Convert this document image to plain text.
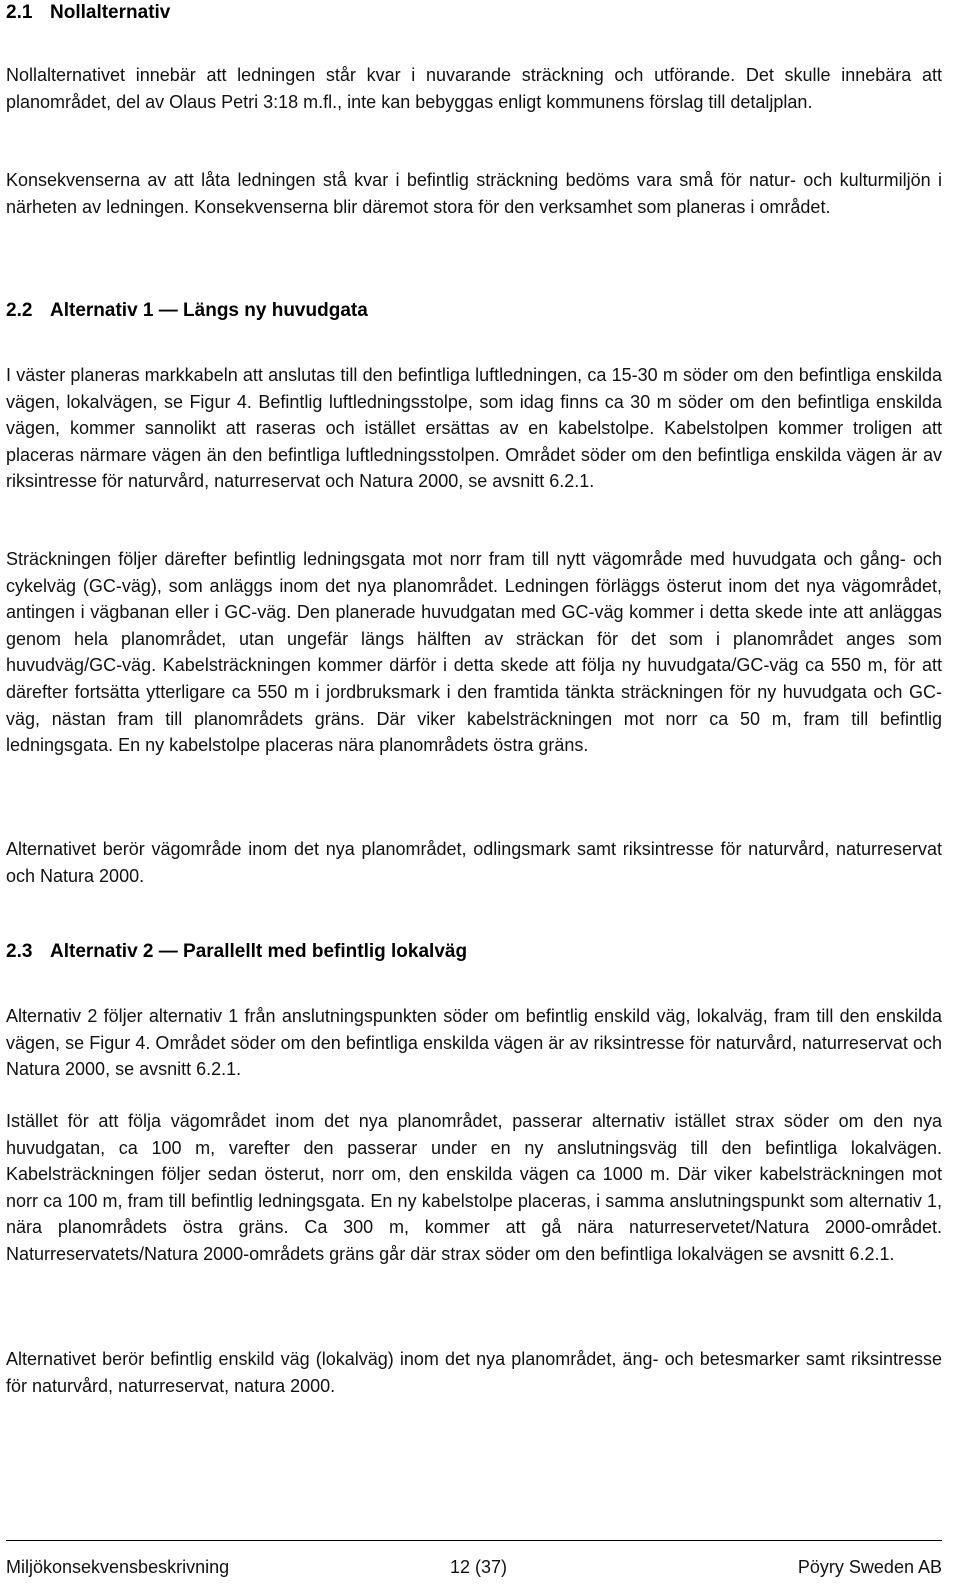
2.1 Nollalternativ

Nollalternativet innebär att ledningen står kvar i nuvarande sträckning och utförande. Det skulle innebära att planområdet, del av Olaus Petri 3:18 m.fl., inte kan bebyggas enligt kommunens förslag till detaljplan.

Konsekvenserna av att låta ledningen stå kvar i befintlig sträckning bedöms vara små för natur- och kulturmiljön i närheten av ledningen. Konsekvenserna blir däremot stora för den verksamhet som planeras i området.

2.2 Alternativ 1 — Längs ny huvudgata

I väster planeras markkabeln att anslutas till den befintliga luftledningen, ca 15-30 m söder om den befintliga enskilda vägen, lokalvägen, se Figur 4. Befintlig luftledningsstolpe, som idag finns ca 30 m söder om den befintliga enskilda vägen, kommer sannolikt att raseras och istället ersättas av en kabelstolpe. Kabelstolpen kommer troligen att placeras närmare vägen än den befintliga luftledningsstolpen. Området söder om den befintliga enskilda vägen är av riksintresse för naturvård, naturreservat och Natura 2000, se avsnitt 6.2.1.

Sträckningen följer därefter befintlig ledningsgata mot norr fram till nytt vägområde med huvudgata och gång- och cykelväg (GC-väg), som anläggs inom det nya planområdet. Ledningen förläggs österut inom det nya vägområdet, antingen i vägbanan eller i GC-väg. Den planerade huvudgatan med GC-väg kommer i detta skede inte att anläggas genom hela planområdet, utan ungefär längs hälften av sträckan för det som i planområdet anges som huvudväg/GC-väg. Kabelsträckningen kommer därför i detta skede att följa ny huvudgata/GC-väg ca 550 m, för att därefter fortsätta ytterligare ca 550 m i jordbruksmark i den framtida tänkta sträckningen för ny huvudgata och GC-väg, nästan fram till planområdets gräns. Där viker kabelsträckningen mot norr ca 50 m, fram till befintlig ledningsgata. En ny kabelstolpe placeras nära planområdets östra gräns.

Alternativet berör vägområde inom det nya planområdet, odlingsmark samt riksintresse för naturvård, naturreservat och Natura 2000.

2.3 Alternativ 2 — Parallellt med befintlig lokalväg

Alternativ 2 följer alternativ 1 från anslutningspunkten söder om befintlig enskild väg, lokalväg, fram till den enskilda vägen, se Figur 4. Området söder om den befintliga enskilda vägen är av riksintresse för naturvård, naturreservat och Natura 2000, se avsnitt 6.2.1.

Istället för att följa vägområdet inom det nya planområdet, passerar alternativ istället strax söder om den nya huvudgatan, ca 100 m, varefter den passerar under en ny anslutningsväg till den befintliga lokalvägen. Kabelsträckningen följer sedan österut, norr om, den enskilda vägen ca 1000 m. Där viker kabelsträckningen mot norr ca 100 m, fram till befintlig ledningsgata. En ny kabelstolpe placeras, i samma anslutningspunkt som alternativ 1, nära planområdets östra gräns. Ca 300 m, kommer att gå nära naturreservetet/Natura 2000-området. Naturreservatets/Natura 2000-områdets gräns går där strax söder om den befintliga lokalvägen se avsnitt 6.2.1.

Alternativet berör befintlig enskild väg (lokalväg) inom det nya planområdet, äng- och betesmarker samt riksintresse för naturvård, naturreservat, natura 2000.

Miljökonsekvensbeskrivning	12 (37)	Pöyry Sweden AB
